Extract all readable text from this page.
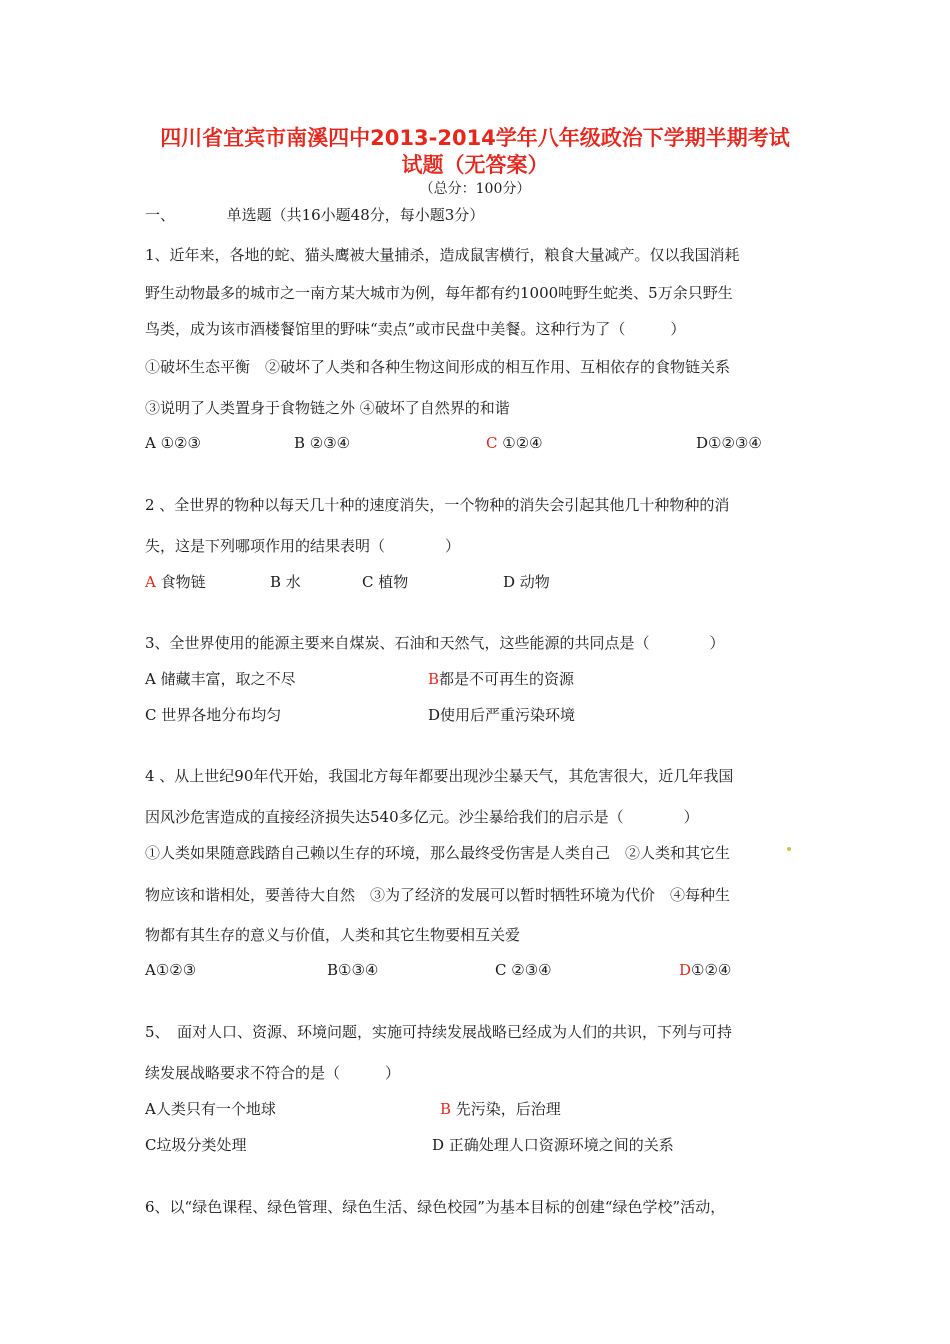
四川省宜宾市南溪四中2013-2014学年八年级政治下学期半期考试
试题（无答案）
（总分：100分）
一、	单选题（共16小题48分，每小题3分）
1、近年来，各地的蛇、猫头鹰被大量捕杀，造成鼠害横行，粮食大量减产。仅以我国消耗
野生动物最多的城市之一南方某大城市为例，每年都有约1000吨野生蛇类、5万余只野生
鸟类，成为该市酒楼餐馆里的野味“卖点”或市民盘中美餐。这种行为了（　　　）
①破坏生态平衡　②破坏了人类和各种生物这间形成的相互作用、互相依存的食物链关系
③说明了人类置身于食物链之外 ④破坏了自然界的和谐
A ①②③	B ②③④	C ①②④	D①②③④
2 、全世界的物种以每天几十种的速度消失，一个物种的消失会引起其他几十种物种的消
失，这是下列哪项作用的结果表明（　　　　）
A 食物链	B 水	C 植物	D 动物
3、全世界使用的能源主要来自煤炭、石油和天然气，这些能源的共同点是（　　　　）
A 储藏丰富，取之不尽	B都是不可再生的资源
C 世界各地分布均匀	D使用后严重污染环境
4 、从上世纪90年代开始，我国北方每年都要出现沙尘暴天气，其危害很大，近几年我国
因风沙危害造成的直接经济损失达540多亿元。沙尘暴给我们的启示是（　　　　）
①人类如果随意践踏自己赖以生存的环境，那么最终受伤害是人类自己　②人类和其它生
物应该和谐相处，要善待大自然　③为了经济的发展可以暂时牺牲环境为代价　④每种生
物都有其生存的意义与价值，人类和其它生物要相互关爱
A①②③	B①③④	C ②③④	D①②④
5、　面对人口、资源、环境问题，实施可持续发展战略已经成为人们的共识，下列与可持
续发展战略要求不符合的是（　　　）
A人类只有一个地球	B 先污染，后治理
C垃圾分类处理	D 正确处理人口资源环境之间的关系
6、以“绿色课程、绿色管理、绿色生活、绿色校园”为基本目标的创建“绿色学校”活动，
